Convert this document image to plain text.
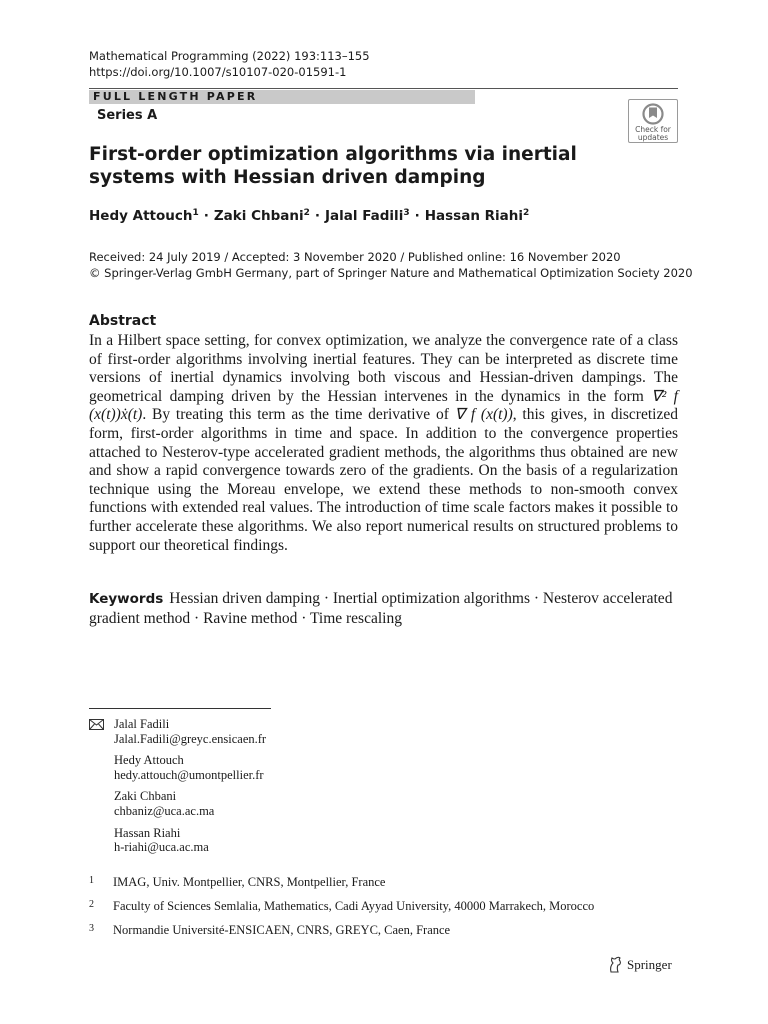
Mathematical Programming (2022) 193:113–155
https://doi.org/10.1007/s10107-020-01591-1
FULL LENGTH PAPER
Series A
Check for
updates
First-order optimization algorithms via inertial systems with Hessian driven damping
Hedy Attouch$^1$ · Zaki Chbani$^2$ · Jalal Fadili$^3$ · Hassan Riahi$^2$
Received: 24 July 2019 / Accepted: 3 November 2020 / Published online: 16 November 2020
© Springer-Verlag GmbH Germany, part of Springer Nature and Mathematical Optimization Society 2020
Abstract

In a Hilbert space setting, for convex optimization, we analyze the convergence rate of a class of first-order algorithms involving inertial features. They can be interpreted as discrete time versions of inertial dynamics involving both viscous and Hessian-driven dampings. The geometrical damping driven by the Hessian intervenes in the dynamics in the form ∇² f (x(t))ẋ(t). By treating this term as the time derivative of ∇ f (x(t)), this gives, in discretized form, first-order algorithms in time and space. In addition to the convergence properties attached to Nesterov-type accelerated gradient methods, the algorithms thus obtained are new and show a rapid convergence towards zero of the gradients. On the basis of a regularization technique using the Moreau envelope, we extend these methods to non-smooth convex functions with extended real values. The introduction of time scale factors makes it possible to further accelerate these algorithms. We also report numerical results on structured problems to support our theoretical findings.

Keywords Hessian driven damping · Inertial optimization algorithms · Nesterov accelerated gradient method · Ravine method · Time rescaling

Jalal Fadili
Jalal.Fadili@greyc.ensicaen.fr
Hedy Attouch
hedy.attouch@umontpellier.fr
Zaki Chbani
chbaniz@uca.ac.ma
Hassan Riahi
h-riahi@uca.ac.ma
1 IMAG, Univ. Montpellier, CNRS, Montpellier, France
2 Faculty of Sciences Semlalia, Mathematics, Cadi Ayyad University, 40000 Marrakech, Morocco
3 Normandie Université-ENSICAEN, CNRS, GREYC, Caen, France
Springer
